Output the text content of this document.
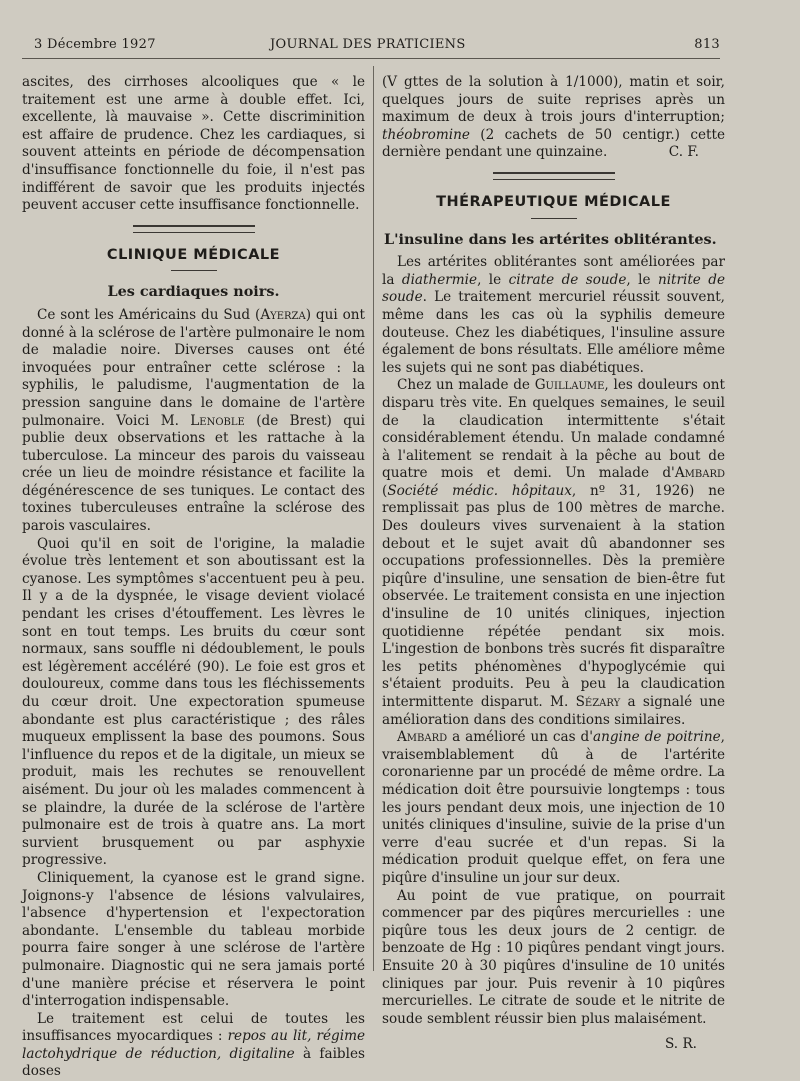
3 Décembre 1927	JOURNAL DES PRATICIENS	813

ascites, des cirrhoses alcooliques que « le traitement est une arme à double effet. Ici, excellente, là mauvaise ». Cette discriminition est affaire de prudence. Chez les cardiaques, si souvent atteints en période de décompensation d'insuffisance fonctionnelle du foie, il n'est pas indifférent de savoir que les produits injectés peuvent accuser cette insuffisance fonctionnelle.

CLINIQUE MÉDICALE
Les cardiaques noirs.

Ce sont les Américains du Sud (Ayerza) qui ont donné à la sclérose de l'artère pulmonaire le nom de maladie noire. Diverses causes ont été invoquées pour entraîner cette sclérose : la syphilis, le paludisme, l'augmentation de la pression sanguine dans le domaine de l'artère pulmonaire. Voici M. Lenoble (de Brest) qui publie deux observations et les rattache à la tuberculose. La minceur des parois du vaisseau crée un lieu de moindre résistance et facilite la dégénérescence de ses tuniques. Le contact des toxines tuberculeuses entraîne la sclérose des parois vasculaires.

Quoi qu'il en soit de l'origine, la maladie évolue très lentement et son aboutissant est la cyanose. Les symptômes s'accentuent peu à peu. Il y a de la dyspnée, le visage devient violacé pendant les crises d'étouffement. Les lèvres le sont en tout temps. Les bruits du cœur sont normaux, sans souffle ni dédoublement, le pouls est légèrement accéléré (90). Le foie est gros et douloureux, comme dans tous les fléchissements du cœur droit. Une expectoration spumeuse abondante est plus caractéristique ; des râles muqueux emplissent la base des poumons. Sous l'influence du repos et de la digitale, un mieux se produit, mais les rechutes se renouvellent aisément. Du jour où les malades commencent à se plaindre, la durée de la sclérose de l'artère pulmonaire est de trois à quatre ans. La mort survient brusquement ou par asphyxie progressive.

Cliniquement, la cyanose est le grand signe. Joignons-y l'absence de lésions valvulaires, l'absence d'hypertension et l'expectoration abondante. L'ensemble du tableau morbide pourra faire songer à une sclérose de l'artère pulmonaire. Diagnostic qui ne sera jamais porté d'une manière précise et réservera le point d'interrogation indispensable.

Le traitement est celui de toutes les insuffisances myocardiques : repos au lit, régime lactohydrique de réduction, digitaline à faibles doses

(V gttes de la solution à 1/1000), matin et soir, quelques jours de suite reprises après un maximum de deux à trois jours d'interruption; théobromine (2 cachets de 50 centigr.) cette dernière pendant une quinzaine.	C. F.

THÉRAPEUTIQUE MÉDICALE
L'insuline dans les artérites oblitérantes.

Les artérites oblitérantes sont améliorées par la diathermie, le citrate de soude, le nitrite de soude. Le traitement mercuriel réussit souvent, même dans les cas où la syphilis demeure douteuse. Chez les diabétiques, l'insuline assure également de bons résultats. Elle améliore même les sujets qui ne sont pas diabétiques.

Chez un malade de Guillaume, les douleurs ont disparu très vite. En quelques semaines, le seuil de la claudication intermittente s'était considérablement étendu. Un malade condamné à l'alitement se rendait à la pêche au bout de quatre mois et demi. Un malade d'Ambard (Société médic. hôpitaux, nº 31, 1926) ne remplissait pas plus de 100 mètres de marche. Des douleurs vives survenaient à la station debout et le sujet avait dû abandonner ses occupations professionnelles. Dès la première piqûre d'insuline, une sensation de bien-être fut observée. Le traitement consista en une injection d'insuline de 10 unités cliniques, injection quotidienne répétée pendant six mois. L'ingestion de bonbons très sucrés fit disparaître les petits phénomènes d'hypoglycémie qui s'étaient produits. Peu à peu la claudication intermittente disparut. M. Sézary a signalé une amélioration dans des conditions similaires.

Ambard a amélioré un cas d'angine de poitrine, vraisemblablement dû à de l'artérite coronarienne par un procédé de même ordre. La médication doit être poursuivie longtemps : tous les jours pendant deux mois, une injection de 10 unités cliniques d'insuline, suivie de la prise d'un verre d'eau sucrée et d'un repas. Si la médication produit quelque effet, on fera une piqûre d'insuline un jour sur deux.

Au point de vue pratique, on pourrait commencer par des piqûres mercurielles : une piqûre tous les deux jours de 2 centigr. de benzoate de Hg : 10 piqûres pendant vingt jours. Ensuite 20 à 30 piqûres d'insuline de 10 unités cliniques par jour. Puis revenir à 10 piqûres mercurielles. Le citrate de soude et le nitrite de soude semblent réussir bien plus malaisément.

S. R.
